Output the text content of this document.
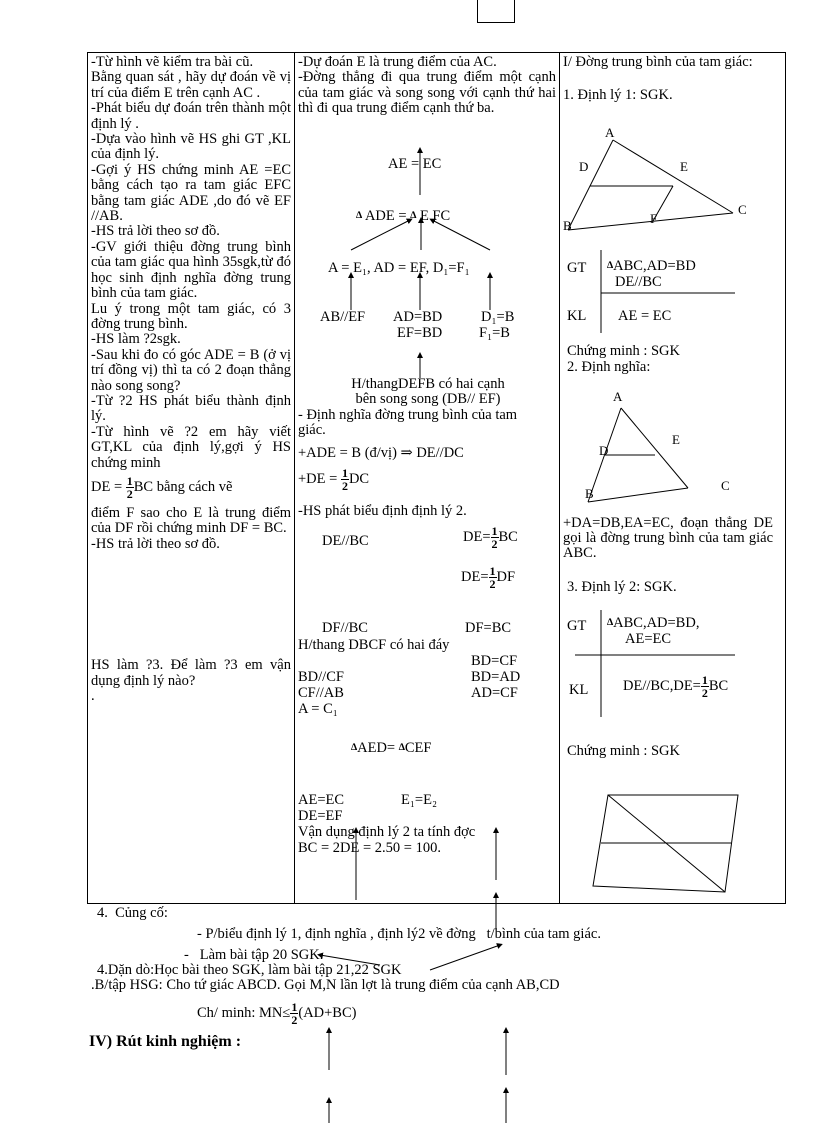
-Từ hình vẽ kiểm tra bài cũ.
Bằng quan sát , hãy dự đoán về vị trí của điểm E trên cạnh AC .
-Phát biểu dự đoán trên thành một định lý .
-Dựa vào hình vẽ HS ghi GT ,KL của định lý.
-Gợi ý HS chứng minh AE =EC bằng cách tạo ra tam giác EFC bằng tam giác ADE ,do đó vẽ EF //AB.
-HS trả lời theo sơ đồ.
-GV giới thiệu đờng trung bình của tam giác qua hình 35sgk,từ đó học sinh định nghĩa đờng trung bình của tam giác.
Lu ý trong một tam giác, có 3 đờng trung bình.
-HS làm ?2sgk.
-Sau khi đo có góc ADE = B (ở vị trí đồng vị) thì ta có 2 đoạn thẳng nào song song?
-Từ ?2 HS phát biểu thành định lý.
-Từ hình vẽ ?2 em hãy viết GT,KL của định lý,gợi ý HS chứng minh
DE = $\frac{1}{2}$ BC bằng cách vẽ
điểm F sao cho E là trung điểm của DF rồi chứng minh DF = BC.
-HS trả lời theo sơ đồ.
HS làm ?3. Để làm ?3 em vận dụng định lý nào?
.

-Dự đoán E là trung điểm của AC.
-Đờng thẳng đi qua trung điểm một cạnh của tam giác và song song với cạnh thứ hai thì đi qua trung điểm cạnh thứ ba.
AE = EC
∆ ADE = ∆ E FC
A = E₁, AD = EF, D₁=F₁
AB//EF AD=BD
EF=BD
D₁=B
F₁=B
H/thangDEFB có hai cạnh
bên song song (DB// EF)
- Định nghĩa đờng trung bình của tam giác.
+ADE = B (đ/vị) ⇒ DE//DC
$+DE = \frac{1}{2}$ DC
-HS phát biểu định định lý 2.
DE//BC	$DE= \frac{1}{2}$ BC
$DE= \frac{1}{2}$ DF
DF//BC	DF=BC
H/thang DBCF có hai đáy
BD=CF
BD//CF	BD=AD
CF//AB	AD=CF
A = C₁
∆AED= ∆CEF
AE=EC	E₁=E₂
DE=EF
Vận dụng định lý 2 ta tính đợc
BC = 2DE = 2.50 = 100.

I/ Đờng trung bình của tam giác:
1. Định lý 1: SGK.
A
D	E
B	F
C
GT ∆ABC,AD=BD
DE//BC
KL AE = EC
Chứng minh : SGK
2. Định nghĩa:
A
D
E
B
C
+DA=DB,EA=EC, đoạn thẳng DE gọi là đờng trung bình của tam giác ABC.
3. Định lý 2: SGK.
GT ∆ABC,AD=BD,
AE=EC
KL $DE//BC,DE= \frac{1}{2}$ BC
Chứng minh : SGK
4.  Củng cố:
- P/biểu định lý 1, định nghĩa , định lý2 về đờng   t/bình của tam giác.
- Làm bài tập 20 SGK.
4.Dặn dò:Học bài theo SGK, làm bài tập 21,22 SGK
.B/tập HSG: Cho tứ giác ABCD. Gọi M,N lần lợt là trung điểm của cạnh AB,CD
Ch/ minh: $MN\le \frac{1}{2} (AD+BC)$
IV) Rút kinh nghiệm :
